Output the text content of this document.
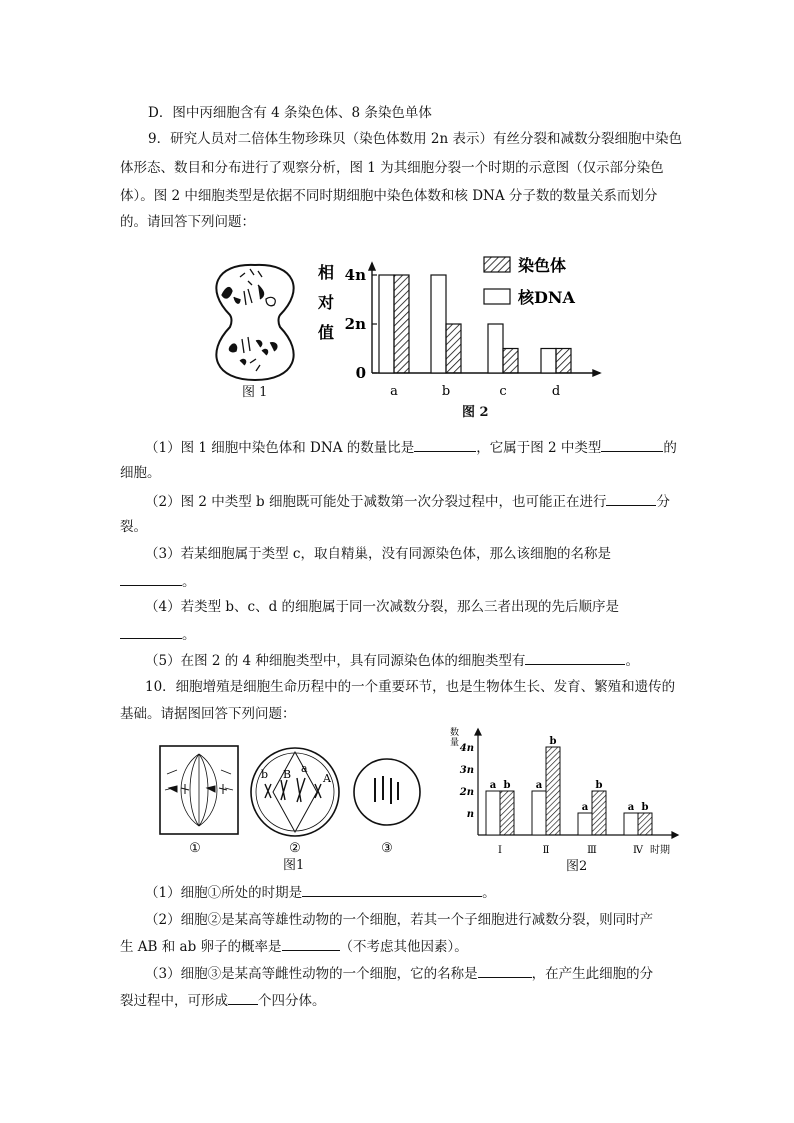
D．图中丙细胞含有 4 条染色体、8 条染色单体
9．研究人员对二倍体生物珍珠贝（染色体数用 2n 表示）有丝分裂和减数分裂细胞中染色
体形态、数目和分布进行了观察分析，图 1 为其细胞分裂一个时期的示意图（仅示部分染色
体）。图 2 中细胞类型是依据不同时期细胞中染色体数和核 DNA 分子数的数量关系而划分
的。请回答下列问题：
图 1
相
对
值
0
2n
4n
a	b	c	d
染色体
核DNA
图 2
（1）图 1 细胞中染色体和 DNA 的数量比是	，它属于图 2 中类型	的
细胞。
（2）图 2 中类型 b 细胞既可能处于减数第一次分裂过程中，也可能正在进行	分
裂。
（3）若某细胞属于类型 c，取自精巢，没有同源染色体，那么该细胞的名称是
。
（4）若类型 b、c、d 的细胞属于同一次减数分裂，那么三者出现的先后顺序是
。
（5）在图 2 的 4 种细胞类型中，具有同源染色体的细胞类型有	。
10．细胞增殖是细胞生命历程中的一个重要环节，也是生物体生长、发育、繁殖和遗传的
基础。请据图回答下列问题：
b B a
A
①	②	③
图1
数
量
n
2n
3n
4n
时期
a b
Ⅰ
a
b
Ⅱ
a
b
Ⅲ
a b
Ⅳ
图2
（1）细胞①所处的时期是	。
（2）细胞②是某高等雄性动物的一个细胞，若其一个子细胞进行减数分裂，则同时产
生 AB 和 ab 卵子的概率是	（不考虑其他因素）。
（3）细胞③是某高等雌性动物的一个细胞，它的名称是	，在产生此细胞的分
裂过程中，可形成 个四分体。
